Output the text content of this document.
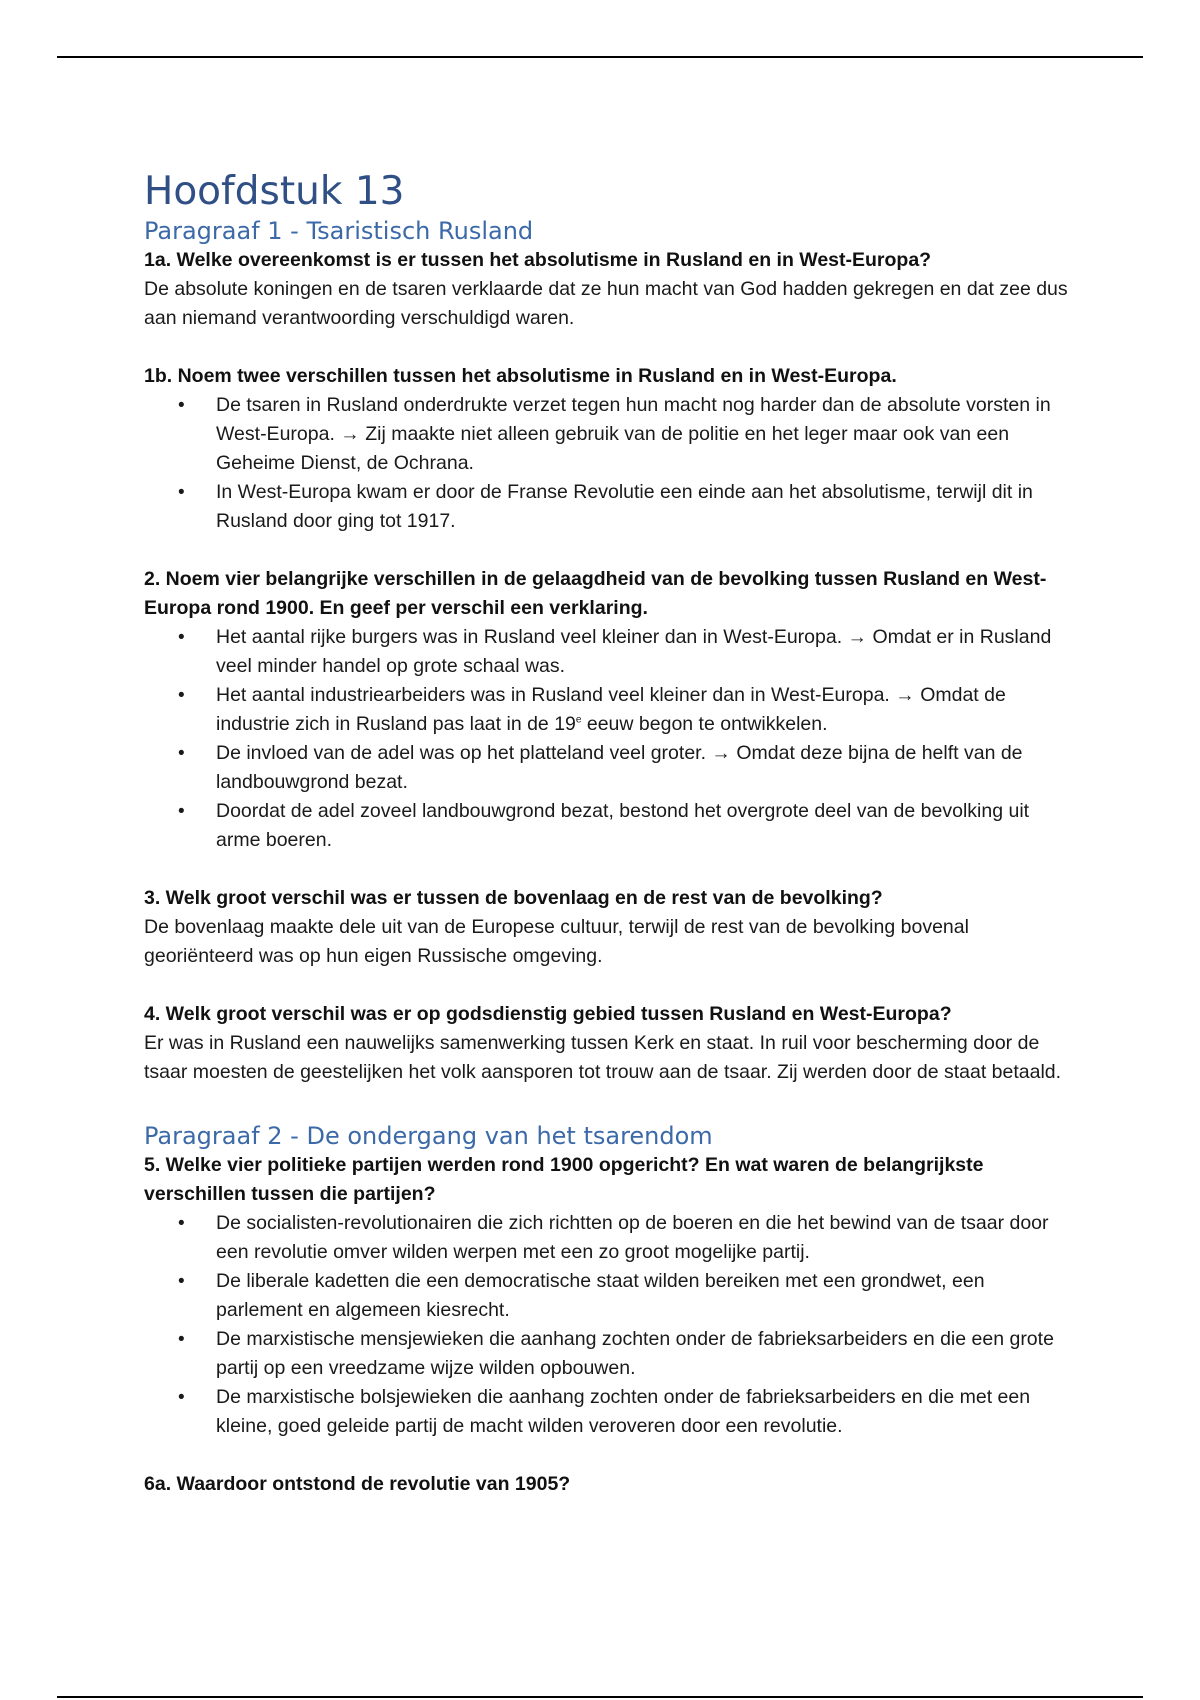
Hoofdstuk 13
Paragraaf 1 - Tsaristisch Rusland

1a. Welke overeenkomst is er tussen het absolutisme in Rusland en in West-Europa?

De absolute koningen en de tsaren verklaarde dat ze hun macht van God hadden gekregen en dat zee dus aan niemand verantwoording verschuldigd waren.

1b. Noem twee verschillen tussen het absolutisme in Rusland en in West-Europa.

• De tsaren in Rusland onderdrukte verzet tegen hun macht nog harder dan de absolute vorsten in West-Europa. → Zij maakte niet alleen gebruik van de politie en het leger maar ook van een Geheime Dienst, de Ochrana.
• In West-Europa kwam er door de Franse Revolutie een einde aan het absolutisme, terwijl dit in Rusland door ging tot 1917.

2. Noem vier belangrijke verschillen in de gelaagdheid van de bevolking tussen Rusland en West-Europa rond 1900. En geef per verschil een verklaring.

• Het aantal rijke burgers was in Rusland veel kleiner dan in West-Europa. → Omdat er in Rusland veel minder handel op grote schaal was.
• Het aantal industriearbeiders was in Rusland veel kleiner dan in West-Europa. → Omdat de industrie zich in Rusland pas laat in de 19e eeuw begon te ontwikkelen.
• De invloed van de adel was op het platteland veel groter. → Omdat deze bijna de helft van de landbouwgrond bezat.
• Doordat de adel zoveel landbouwgrond bezat, bestond het overgrote deel van de bevolking uit arme boeren.

3. Welk groot verschil was er tussen de bovenlaag en de rest van de bevolking?

De bovenlaag maakte dele uit van de Europese cultuur, terwijl de rest van de bevolking bovenal georiënteerd was op hun eigen Russische omgeving.

4. Welk groot verschil was er op godsdienstig gebied tussen Rusland en West-Europa?

Er was in Rusland een nauwelijks samenwerking tussen Kerk en staat. In ruil voor bescherming door de tsaar moesten de geestelijken het volk aansporen tot trouw aan de tsaar. Zij werden door de staat betaald.

Paragraaf 2 - De ondergang van het tsarendom

5. Welke vier politieke partijen werden rond 1900 opgericht? En wat waren de belangrijkste verschillen tussen die partijen?

• De socialisten-revolutionairen die zich richtten op de boeren en die het bewind van de tsaar door een revolutie omver wilden werpen met een zo groot mogelijke partij.
• De liberale kadetten die een democratische staat wilden bereiken met een grondwet, een parlement en algemeen kiesrecht.
• De marxistische mensjewieken die aanhang zochten onder de fabrieksarbeiders en die een grote partij op een vreedzame wijze wilden opbouwen.
• De marxistische bolsjewieken die aanhang zochten onder de fabrieksarbeiders en die met een kleine, goed geleide partij de macht wilden veroveren door een revolutie.

6a. Waardoor ontstond de revolutie van 1905?
